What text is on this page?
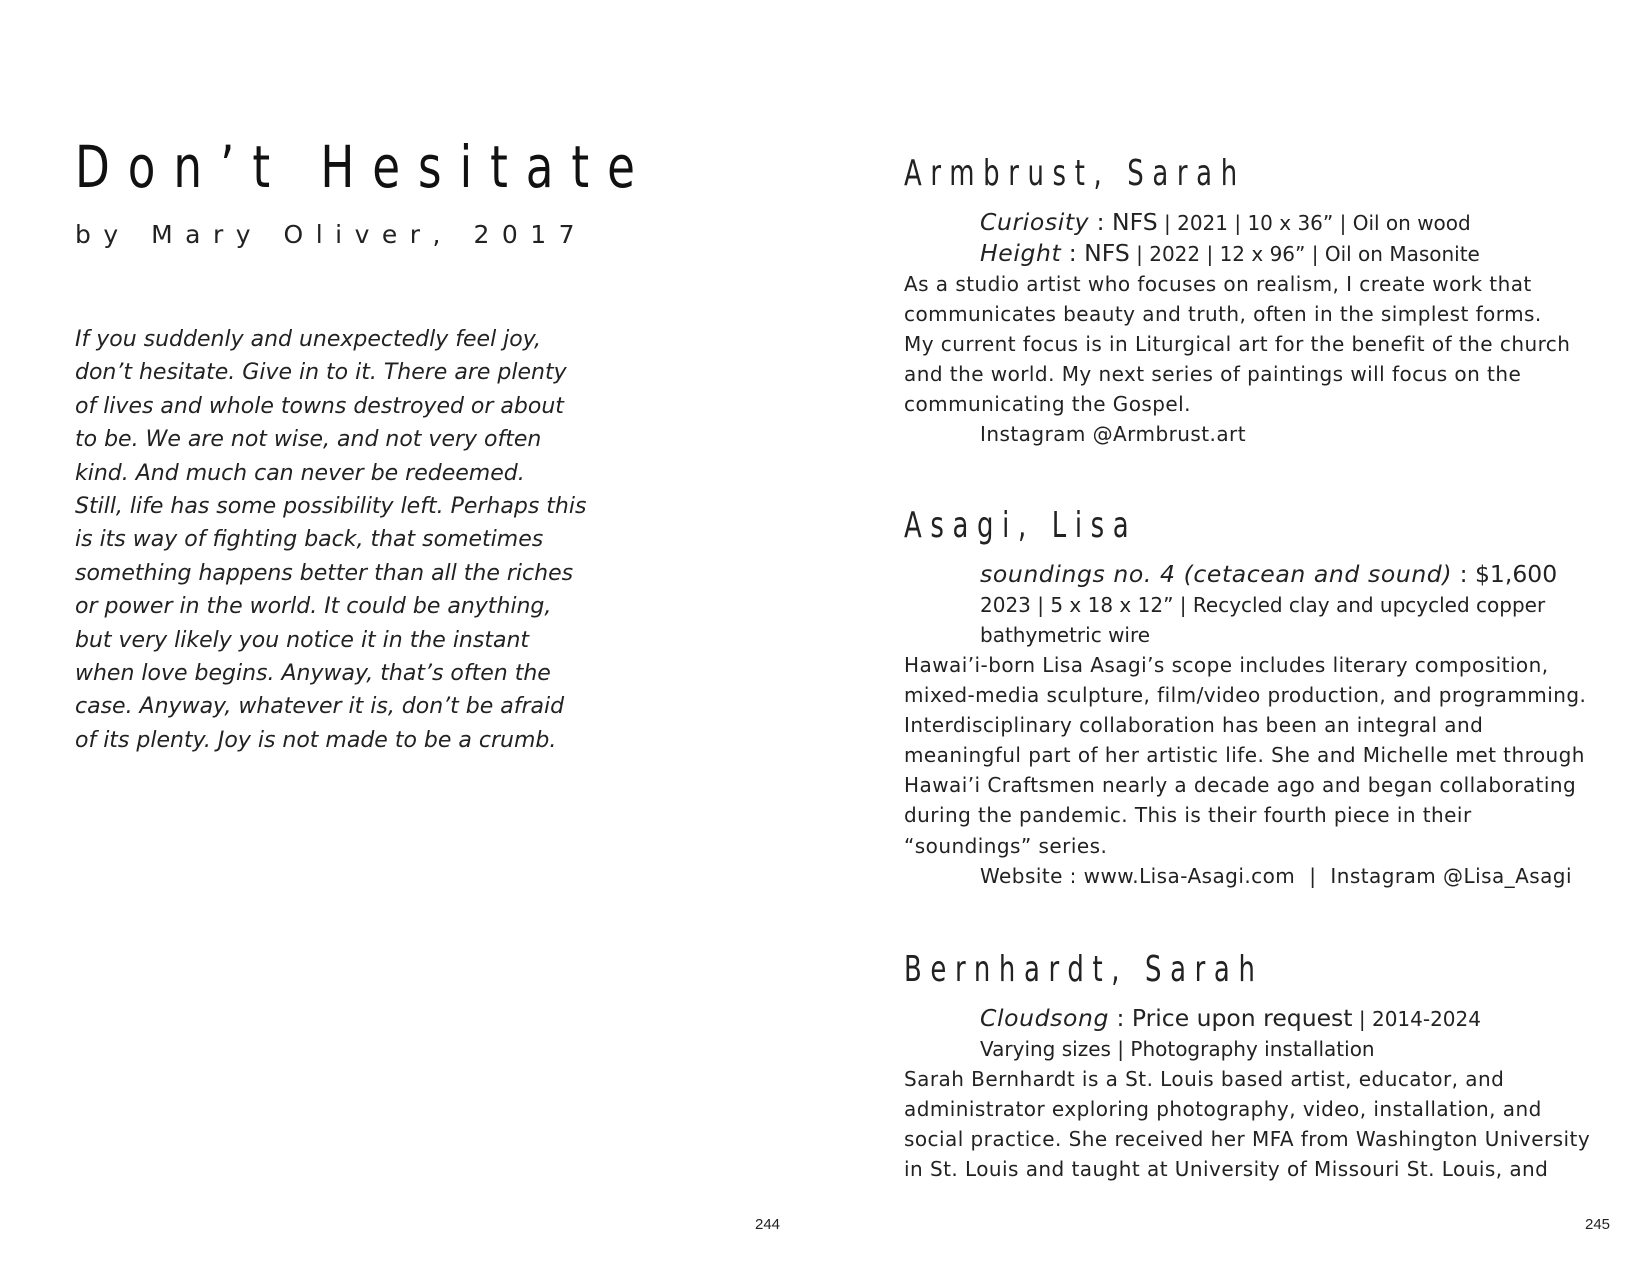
Don’t Hesitate

by Mary Oliver, 2017

If you suddenly and unexpectedly feel joy,
don’t hesitate. Give in to it. There are plenty
of lives and whole towns destroyed or about
to be. We are not wise, and not very often
kind. And much can never be redeemed.
Still, life has some possibility left. Perhaps this
is its way of fighting back, that sometimes
something happens better than all the riches
or power in the world. It could be anything,
but very likely you notice it in the instant
when love begins. Anyway, that’s often the
case. Anyway, whatever it is, don’t be afraid
of its plenty. Joy is not made to be a crumb.

244
Armbrust, Sarah

Curiosity : NFS | 2021 | 10 x 36” | Oil on wood

Height : NFS | 2022 | 12 x 96” | Oil on Masonite

As a studio artist who focuses on realism, I create work that
communicates beauty and truth, often in the simplest forms.
My current focus is in Liturgical art for the benefit of the church
and the world. My next series of paintings will focus on the
communicating the Gospel.

Instagram @Armbrust.art

Asagi, Lisa

soundings no. 4 (cetacean and sound) : $1,600

2023 | 5 x 18 x 12” | Recycled clay and upcycled copper

bathymetric wire

Hawai’i-born Lisa Asagi’s scope includes literary composition,
mixed-media sculpture, film/video production, and programming.
Interdisciplinary collaboration has been an integral and
meaningful part of her artistic life. She and Michelle met through
Hawai’i Craftsmen nearly a decade ago and began collaborating
during the pandemic. This is their fourth piece in their
“soundings” series.

Website : www.Lisa-Asagi.com | Instagram @Lisa_Asagi

Bernhardt, Sarah

Cloudsong : Price upon request | 2014-2024

Varying sizes | Photography installation

Sarah Bernhardt is a St. Louis based artist, educator, and
administrator exploring photography, video, installation, and
social practice. She received her MFA from Washington University
in St. Louis and taught at University of Missouri St. Louis, and

245
